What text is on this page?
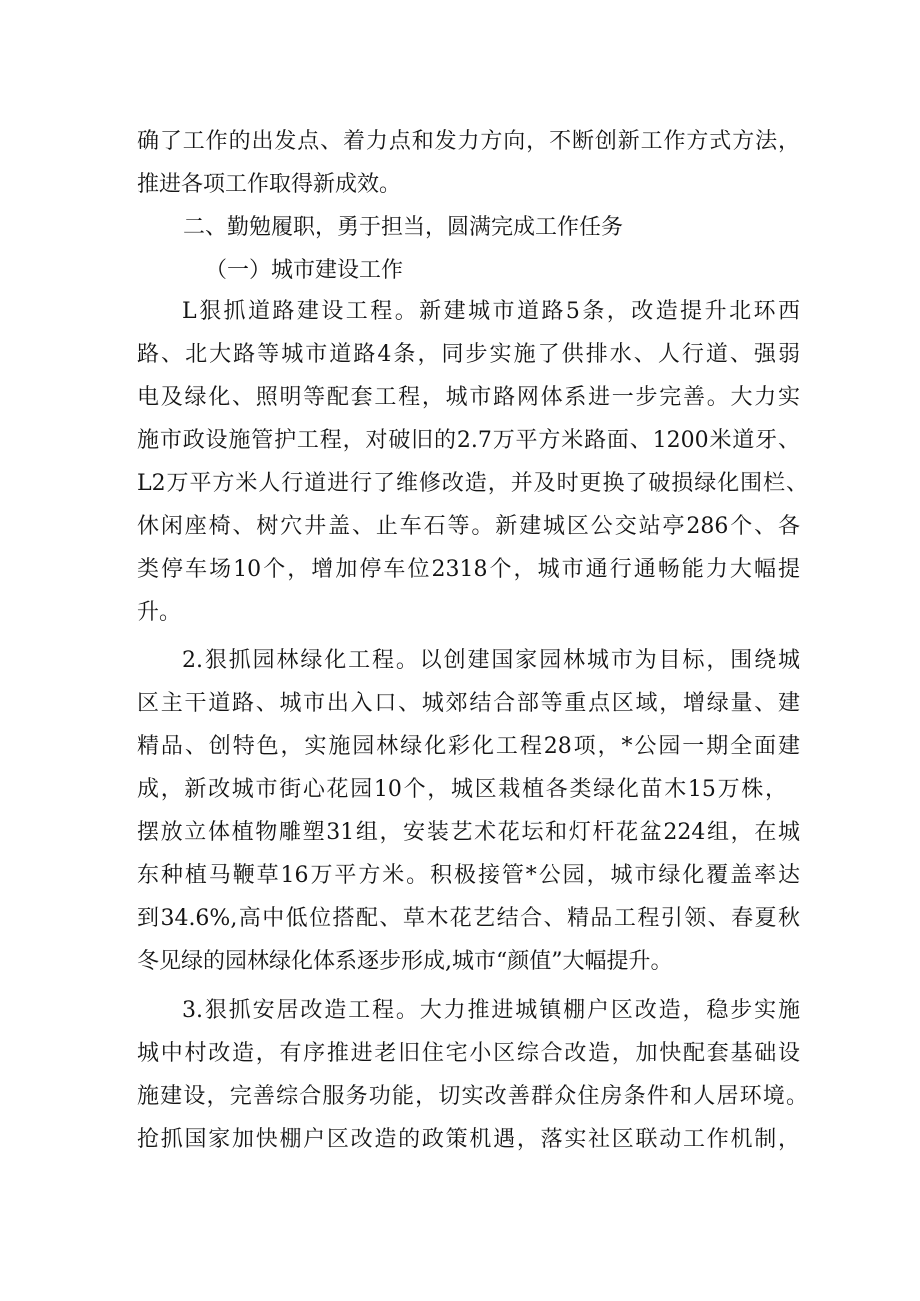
确了工作的出发点、着力点和发力方向，不断创新工作方式方法，
推进各项工作取得新成效。
二、勤勉履职，勇于担当，圆满完成工作任务
（一）城市建设工作
L狠抓道路建设工程。新建城市道路5条，改造提升北环西
路、北大路等城市道路4条，同步实施了供排水、人行道、强弱
电及绿化、照明等配套工程，城市路网体系进一步完善。大力实
施市政设施管护工程，对破旧的2.7万平方米路面、1200米道牙、
L2万平方米人行道进行了维修改造，并及时更换了破损绿化围栏、
休闲座椅、树穴井盖、止车石等。新建城区公交站亭286个、各
类停车场10个，增加停车位2318个，城市通行通畅能力大幅提
升。
2.狠抓园林绿化工程。以创建国家园林城市为目标，围绕城
区主干道路、城市出入口、城郊结合部等重点区域，增绿量、建
精品、创特色，实施园林绿化彩化工程28项，*公园一期全面建
成，新改城市街心花园10个，城区栽植各类绿化苗木15万株，
摆放立体植物雕塑31组，安装艺术花坛和灯杆花盆224组，在城
东种植马鞭草16万平方米。积极接管*公园，城市绿化覆盖率达
到34.6%,高中低位搭配、草木花艺结合、精品工程引领、春夏秋
冬见绿的园林绿化体系逐步形成,城市“颜值”大幅提升。
3.狠抓安居改造工程。大力推进城镇棚户区改造，稳步实施
城中村改造，有序推进老旧住宅小区综合改造，加快配套基础设
施建设，完善综合服务功能，切实改善群众住房条件和人居环境。
抢抓国家加快棚户区改造的政策机遇，落实社区联动工作机制，
